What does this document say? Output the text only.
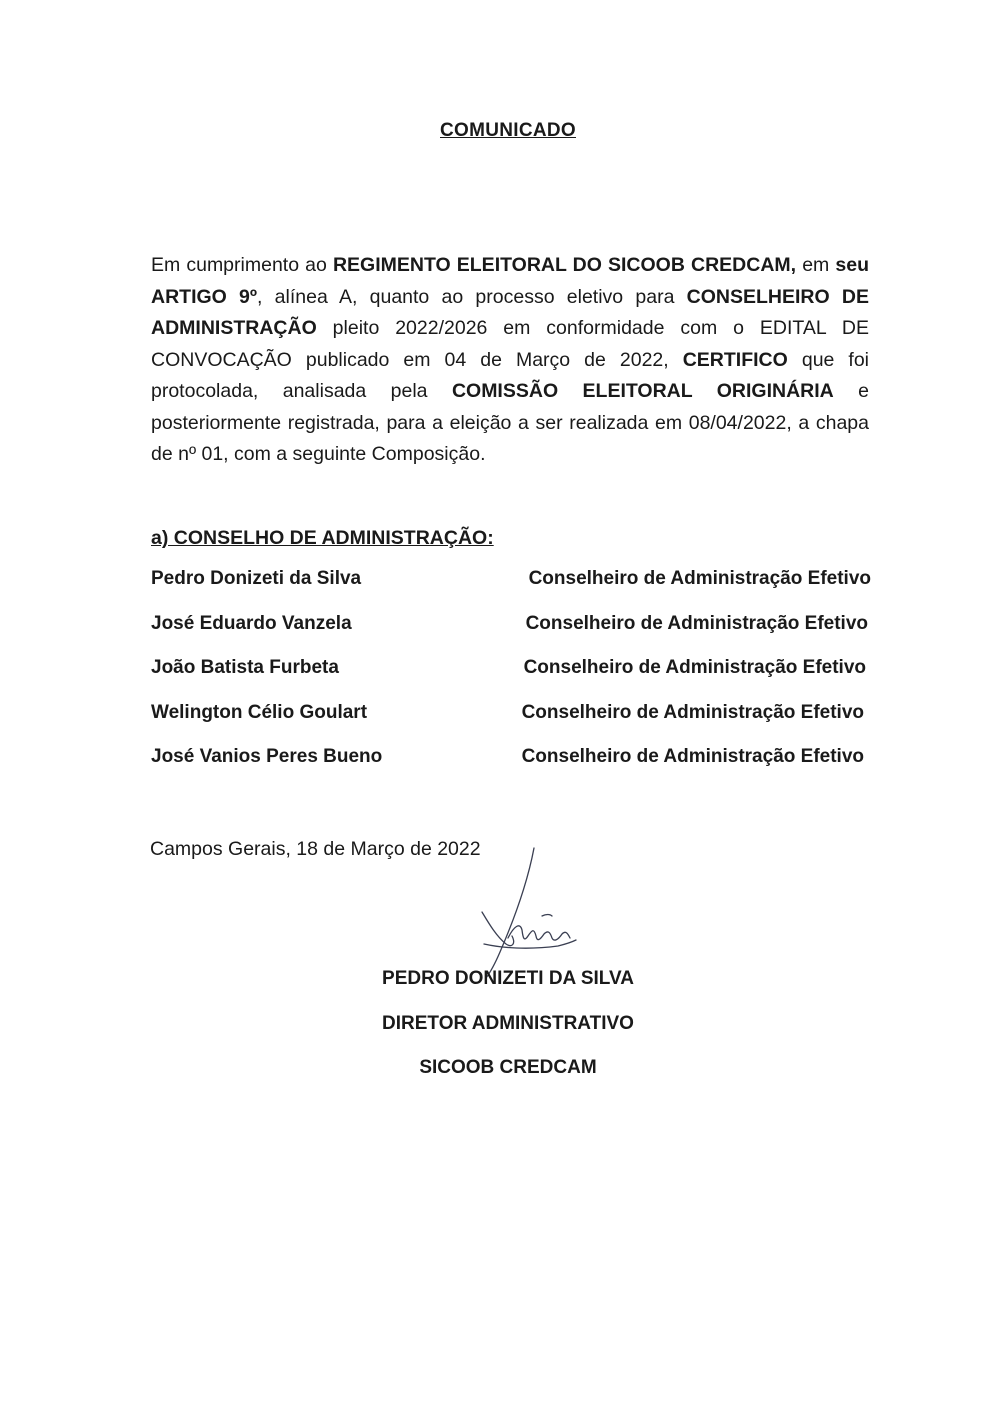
COMUNICADO

Em cumprimento ao REGIMENTO ELEITORAL DO SICOOB CREDCAM, em seu ARTIGO 9º, alínea A, quanto ao processo eletivo para CONSELHEIRO DE ADMINISTRAÇÃO pleito 2022/2026 em conformidade com o EDITAL DE CONVOCAÇÃO publicado em 04 de Março de 2022, CERTIFICO que foi protocolada, analisada pela COMISSÃO ELEITORAL ORIGINÁRIA e posteriormente registrada, para a eleição a ser realizada em 08/04/2022, a chapa de nº 01, com a seguinte Composição.

a) CONSELHO DE ADMINISTRAÇÃO:
Pedro Donizeti da Silva	Conselheiro de Administração Efetivo
José Eduardo Vanzela	Conselheiro de Administração Efetivo
João Batista Furbeta	Conselheiro de Administração Efetivo
Welington Célio Goulart	Conselheiro de Administração Efetivo
José Vanios Peres Bueno	Conselheiro de Administração Efetivo
Campos Gerais, 18 de Março de 2022
PEDRO DONIZETI DA SILVA
DIRETOR ADMINISTRATIVO
SICOOB CREDCAM
